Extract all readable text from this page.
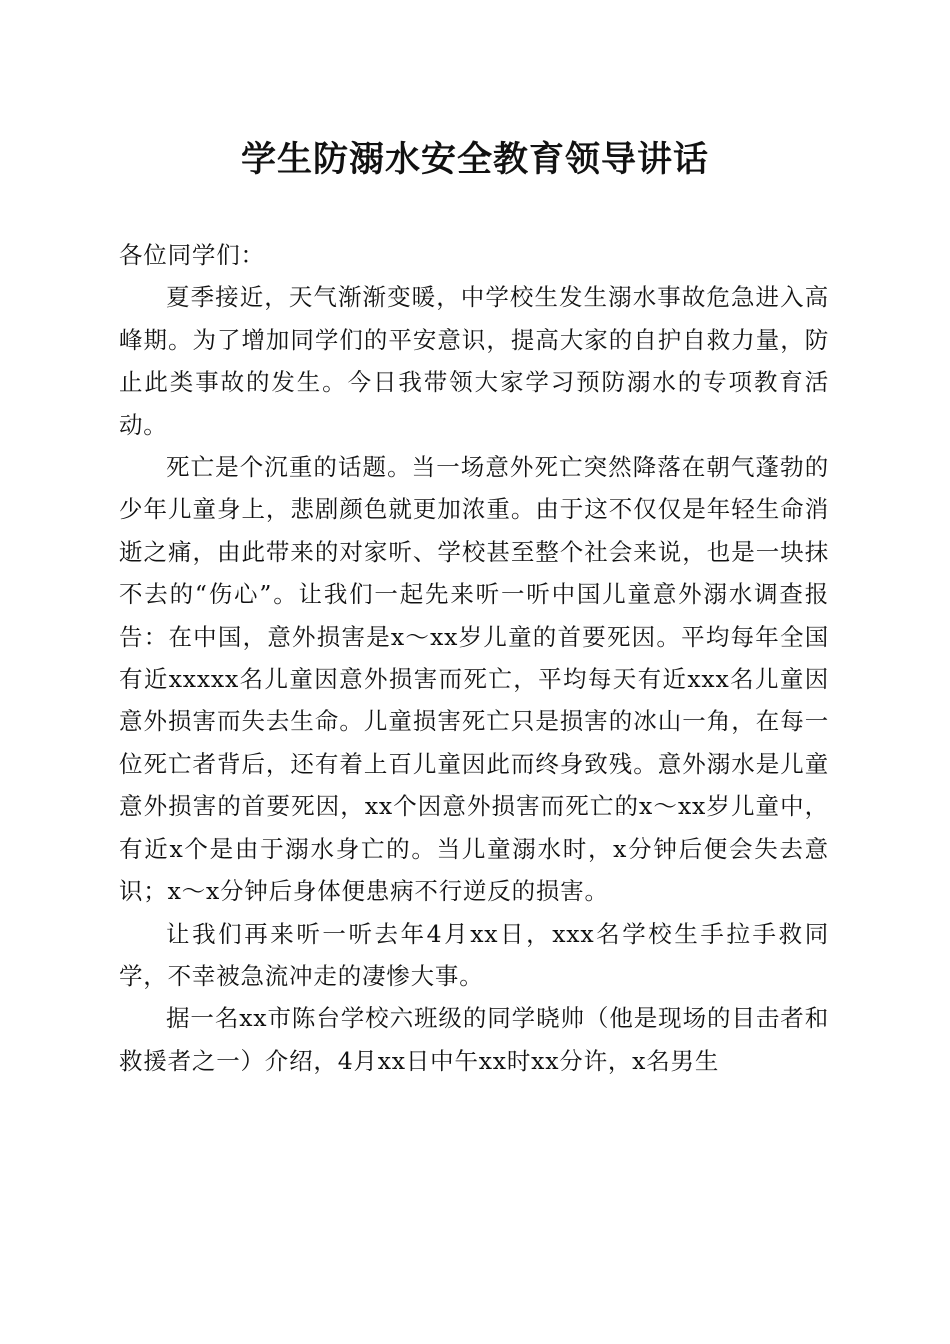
学生防溺水安全教育领导讲话

各位同学们：

夏季接近，天气渐渐变暖，中学校生发生溺水事故危急进入高峰期。为了增加同学们的平安意识，提高大家的自护自救力量，防止此类事故的发生。今日我带领大家学习预防溺水的专项教育活动。

死亡是个沉重的话题。当一场意外死亡突然降落在朝气蓬勃的少年儿童身上，悲剧颜色就更加浓重。由于这不仅仅是年轻生命消逝之痛，由此带来的对家听、学校甚至整个社会来说，也是一块抹不去的“伤心”。让我们一起先来听一听中国儿童意外溺水调查报告：在中国，意外损害是x～xx岁儿童的首要死因。平均每年全国有近xxxxx名儿童因意外损害而死亡，平均每天有近xxx名儿童因意外损害而失去生命。儿童损害死亡只是损害的冰山一角，在每一位死亡者背后，还有着上百儿童因此而终身致残。意外溺水是儿童意外损害的首要死因，xx个因意外损害而死亡的x～xx岁儿童中，有近x个是由于溺水身亡的。当儿童溺水时，x分钟后便会失去意识；x～x分钟后身体便患病不行逆反的损害。

让我们再来听一听去年4月xx日，xxx名学校生手拉手救同学，不幸被急流冲走的凄惨大事。

据一名xx市陈台学校六班级的同学晓帅（他是现场的目击者和救援者之一）介绍，4月xx日中午xx时xx分许，x名男生
